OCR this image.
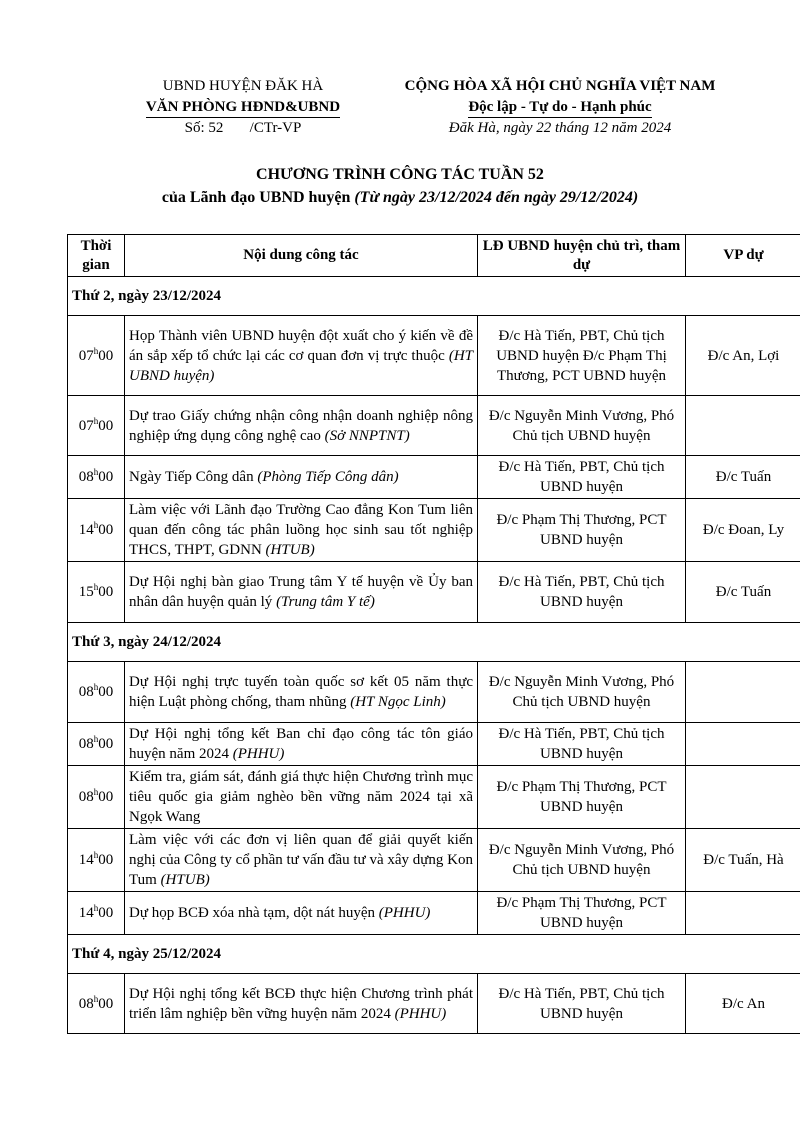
UBND HUYỆN ĐĂK HÀ
VĂN PHÒNG HĐND&UBND
Số: 52       /CTr-VP
CỘNG HÒA XÃ HỘI CHỦ NGHĨA VIỆT NAM
Độc lập - Tự do - Hạnh phúc
Đăk Hà, ngày 22 tháng 12 năm 2024
CHƯƠNG TRÌNH CÔNG TÁC TUẦN 52
của Lãnh đạo UBND huyện (Từ ngày 23/12/2024 đến ngày 29/12/2024)
Thời gian	Nội dung công tác	LĐ UBND huyện chủ trì, tham dự	VP dự
Thứ 2, ngày 23/12/2024			
07$^h$00	Họp Thành viên UBND huyện đột xuất cho ý kiến về đề án sắp xếp tổ chức lại các cơ quan đơn vị trực thuộc (HT UBND huyện)	Đ/c Hà Tiến, PBT, Chủ tịch UBND huyện Đ/c Phạm Thị Thương, PCT UBND huyện	Đ/c An, Lợi
07$^h$00	Dự trao Giấy chứng nhận công nhận doanh nghiệp nông nghiệp ứng dụng công nghệ cao (Sở NNPTNT)	Đ/c Nguyễn Minh Vương, Phó Chủ tịch UBND huyện	
08$^h$00	Ngày Tiếp Công dân (Phòng Tiếp Công dân)	Đ/c Hà Tiến, PBT, Chủ tịch UBND huyện	Đ/c Tuấn
14$^h$00	Làm việc với Lãnh đạo Trường Cao đẳng Kon Tum liên quan đến công tác phân luồng học sinh sau tốt nghiệp THCS, THPT, GDNN (HTUB)	Đ/c Phạm Thị Thương, PCT UBND huyện	Đ/c Đoan, Ly
15$^h$00	Dự Hội nghị bàn giao Trung tâm Y tế huyện về Ủy ban nhân dân huyện quản lý (Trung tâm Y tế)	Đ/c Hà Tiến, PBT, Chủ tịch UBND huyện	Đ/c Tuấn
Thứ 3, ngày 24/12/2024			
08$^h$00	Dự Hội nghị trực tuyến toàn quốc sơ kết 05 năm thực hiện Luật phòng chống, tham nhũng (HT Ngọc Linh)	Đ/c Nguyễn Minh Vương, Phó Chủ tịch UBND huyện	
08$^h$00	Dự Hội nghị tổng kết Ban chỉ đạo công tác tôn giáo huyện năm 2024 (PHHU)	Đ/c Hà Tiến, PBT, Chủ tịch UBND huyện	
08$^h$00	Kiểm tra, giám sát, đánh giá thực hiện Chương trình mục tiêu quốc gia giảm nghèo bền vững năm 2024 tại xã Ngọk Wang	Đ/c Phạm Thị Thương, PCT UBND huyện	
14$^h$00	Làm việc với các đơn vị liên quan để giải quyết kiến nghị của Công ty cổ phần tư vấn đầu tư và xây dựng Kon Tum (HTUB)	Đ/c Nguyễn Minh Vương, Phó Chủ tịch UBND huyện	Đ/c Tuấn, Hà
14$^h$00	Dự họp BCĐ xóa nhà tạm, dột nát huyện (PHHU)	Đ/c Phạm Thị Thương, PCT UBND huyện	
Thứ 4, ngày 25/12/2024			
08$^h$00	Dự Hội nghị tổng kết BCĐ thực hiện Chương trình phát triển lâm nghiệp bền vững huyện năm 2024 (PHHU)	Đ/c Hà Tiến, PBT, Chủ tịch UBND huyện	Đ/c An
